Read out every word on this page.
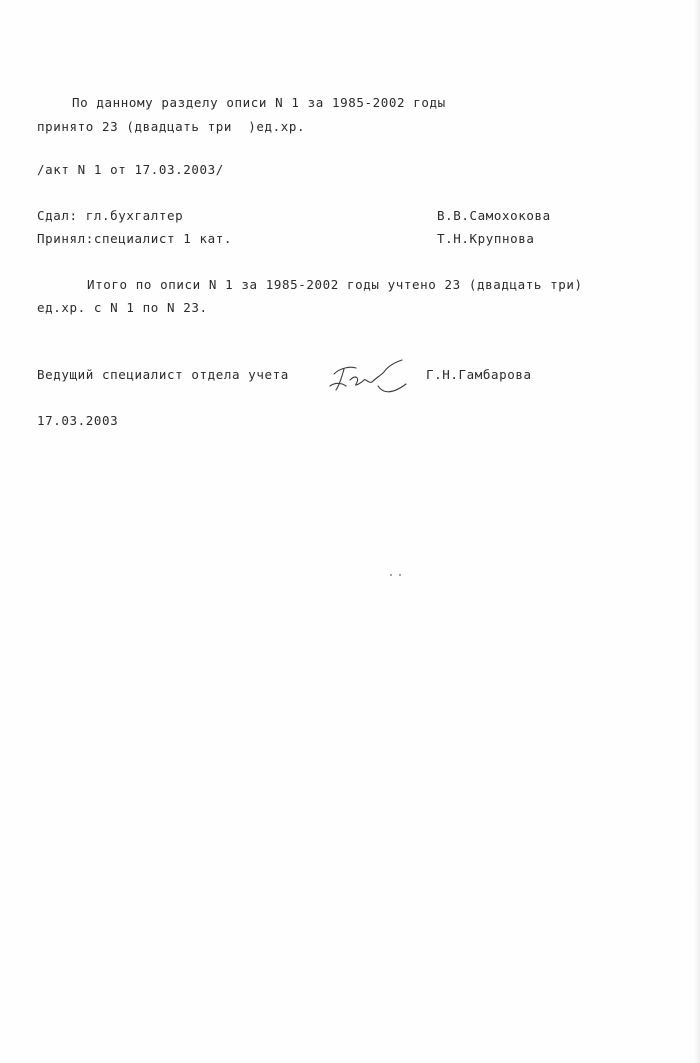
По данному разделу описи N 1 за 1985-2002 годы
принято 23 (двадцать три  )ед.хр.
/акт N 1 от 17.03.2003/
Сдал: гл.бухгалтер	В.В.Самохокова
Принял:специалист 1 кат.	Т.Н.Крупнова
Итого по описи N 1 за 1985-2002 годы учтено 23 (двадцать три)
ед.хр. с N 1 по N 23.
Ведущий специалист отдела учета	Г.Н.Гамбарова
17.03.2003
